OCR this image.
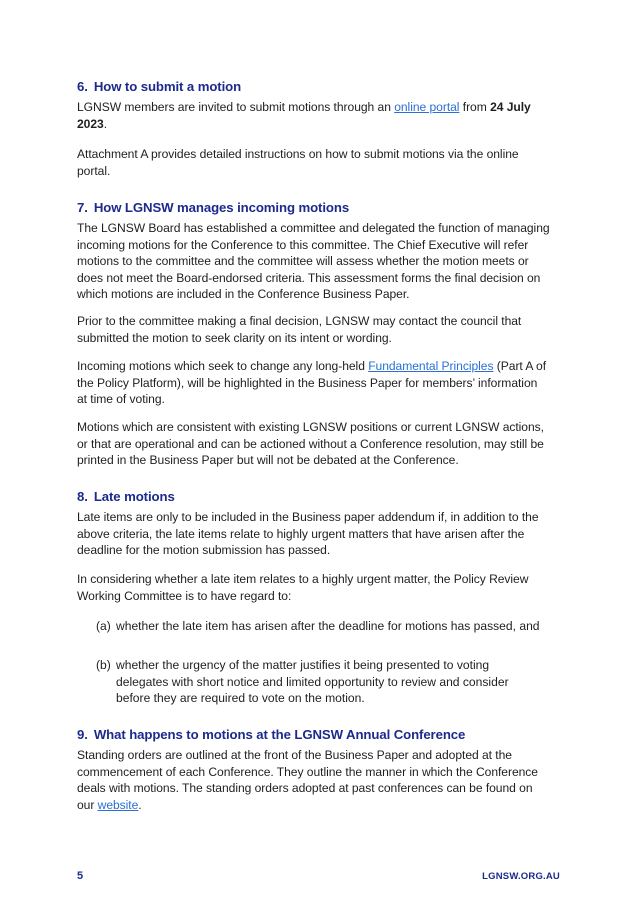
6. How to submit a motion

LGNSW members are invited to submit motions through an online portal from 24 July
2023.

Attachment A provides detailed instructions on how to submit motions via the online
portal.

7. How LGNSW manages incoming motions

The LGNSW Board has established a committee and delegated the function of managing
incoming motions for the Conference to this committee. The Chief Executive will refer
motions to the committee and the committee will assess whether the motion meets or
does not meet the Board-endorsed criteria. This assessment forms the final decision on
which motions are included in the Conference Business Paper.

Prior to the committee making a final decision, LGNSW may contact the council that
submitted the motion to seek clarity on its intent or wording.

Incoming motions which seek to change any long-held Fundamental Principles (Part A of
the Policy Platform), will be highlighted in the Business Paper for members’ information
at time of voting.

Motions which are consistent with existing LGNSW positions or current LGNSW actions,
or that are operational and can be actioned without a Conference resolution, may still be
printed in the Business Paper but will not be debated at the Conference.

8. Late motions

Late items are only to be included in the Business paper addendum if, in addition to the
above criteria, the late items relate to highly urgent matters that have arisen after the
deadline for the motion submission has passed.

In considering whether a late item relates to a highly urgent matter, the Policy Review
Working Committee is to have regard to:

(a) whether the late item has arisen after the deadline for motions has passed, and
(b) whether the urgency of the matter justifies it being presented to voting
delegates with short notice and limited opportunity to review and consider
before they are required to vote on the motion.
9. What happens to motions at the LGNSW Annual Conference

Standing orders are outlined at the front of the Business Paper and adopted at the
commencement of each Conference. They outline the manner in which the Conference
deals with motions. The standing orders adopted at past conferences can be found on
our website.

5	LGNSW.ORG.AU
